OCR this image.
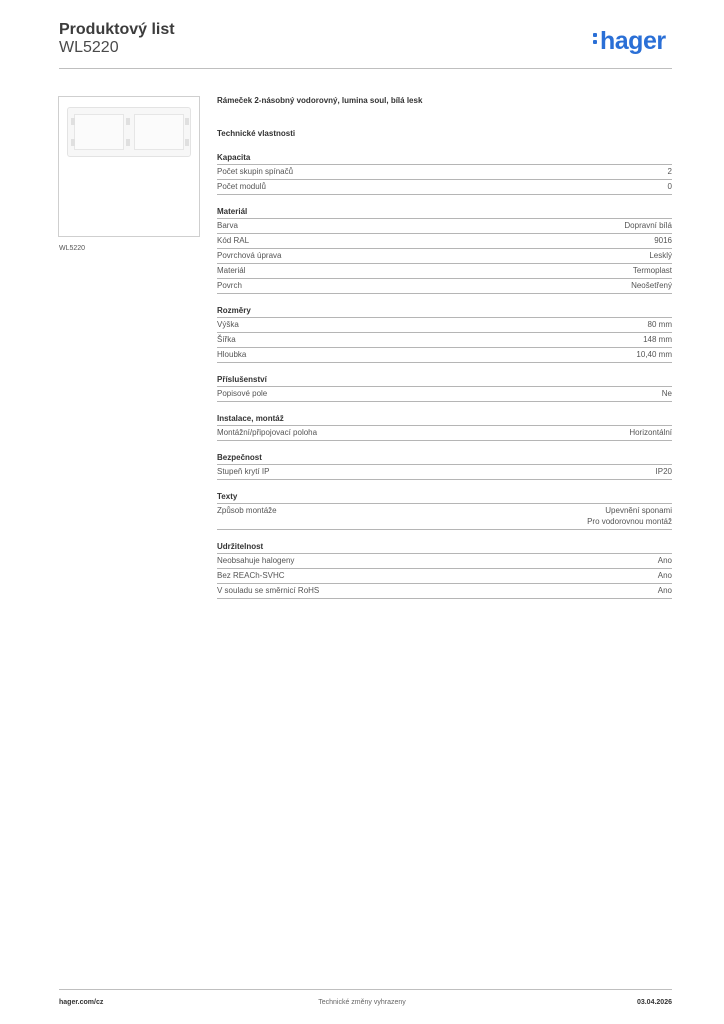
Produktový list
WL5220	hager
WL5220
Rámeček 2-násobný vodorovný, lumina soul, bílá lesk
Technické vlastnosti
Kapacita
Počet skupin spínačů	2
Počet modulů	0
Materiál
Barva	Dopravní bílá
Kód RAL	9016
Povrchová úprava	Lesklý
Materiál	Termoplast
Povrch	Neošetřený
Rozměry
Výška	80 mm
Šířka	148 mm
Hloubka	10,40 mm
Příslušenství
Popisové pole	Ne
Instalace, montáž
Montážní/připojovací poloha	Horizontální
Bezpečnost
Stupeň krytí IP	IP20
Texty
Způsob montáže	Upevnění sponami
Pro vodorovnou montáž
Udržitelnost
Neobsahuje halogeny	Ano
Bez REACh-SVHC	Ano
V souladu se směrnicí RoHS	Ano
hager.com/cz	Technické změny vyhrazeny	03.04.2026
